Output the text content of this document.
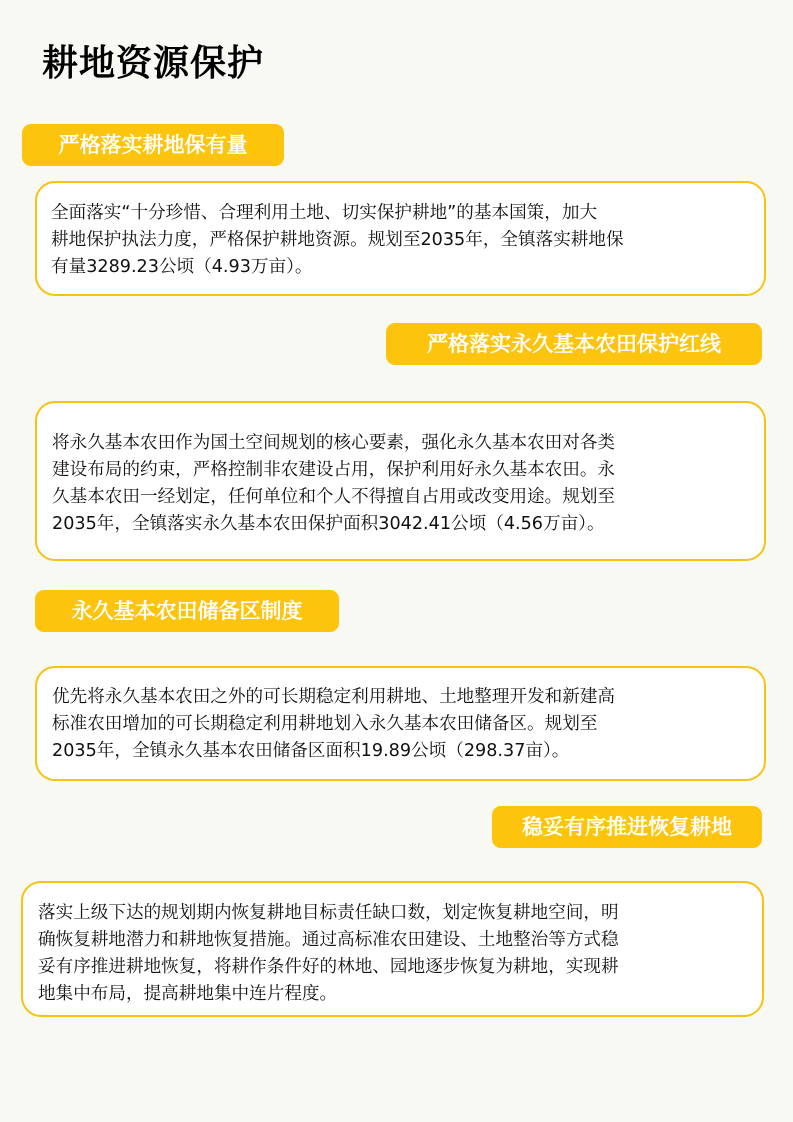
耕地资源保护
严格落实耕地保有量
全面落实“十分珍惜、合理利用土地、切实保护耕地”的基本国策，加大
耕地保护执法力度，严格保护耕地资源。规划至2035年，全镇落实耕地保
有量3289.23公顷（4.93万亩）。
严格落实永久基本农田保护红线
将永久基本农田作为国土空间规划的核心要素，强化永久基本农田对各类
建设布局的约束，严格控制非农建设占用，保护利用好永久基本农田。永
久基本农田一经划定，任何单位和个人不得擅自占用或改变用途。规划至
2035年，全镇落实永久基本农田保护面积3042.41公顷（4.56万亩）。
永久基本农田储备区制度
优先将永久基本农田之外的可长期稳定利用耕地、土地整理开发和新建高
标准农田增加的可长期稳定利用耕地划入永久基本农田储备区。规划至
2035年，全镇永久基本农田储备区面积19.89公顷（298.37亩）。
稳妥有序推进恢复耕地
落实上级下达的规划期内恢复耕地目标责任缺口数，划定恢复耕地空间，明
确恢复耕地潜力和耕地恢复措施。通过高标准农田建设、土地整治等方式稳
妥有序推进耕地恢复，将耕作条件好的林地、园地逐步恢复为耕地，实现耕
地集中布局，提高耕地集中连片程度。
